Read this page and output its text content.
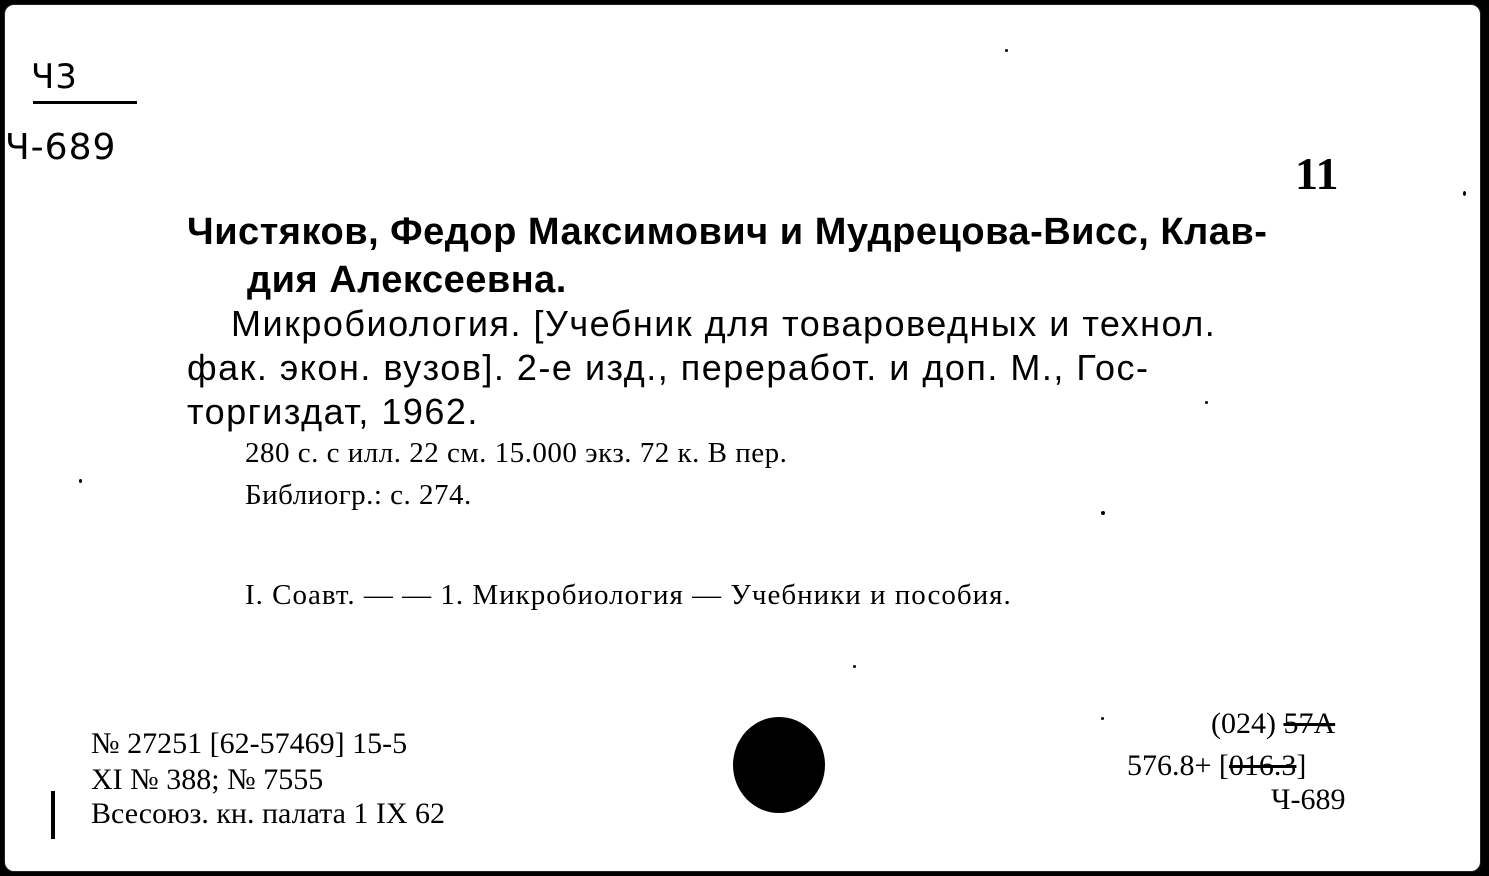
Ч3
Ч-689
11
Чистяков, Федор Максимович и Мудрецова-Висс, Клав-
дия Алексеевна.
Микробиология. [Учебник для товароведных и технол.
фак. экон. вузов]. 2-е изд., переработ. и доп. М., Гос-
торгиздат, 1962.
280 с. с илл. 22 см. 15.000 экз. 72 к. В пер.
Библиогр.: с. 274.
I. Соавт. — — 1. Микробиология — Учебники и пособия.
№ 27251 [62-57469] 15-5
XI № 388; № 7555
Всесоюз. кн. палата 1 IX 62
(024) 57А
576.8+ [016.3]
Ч-689
